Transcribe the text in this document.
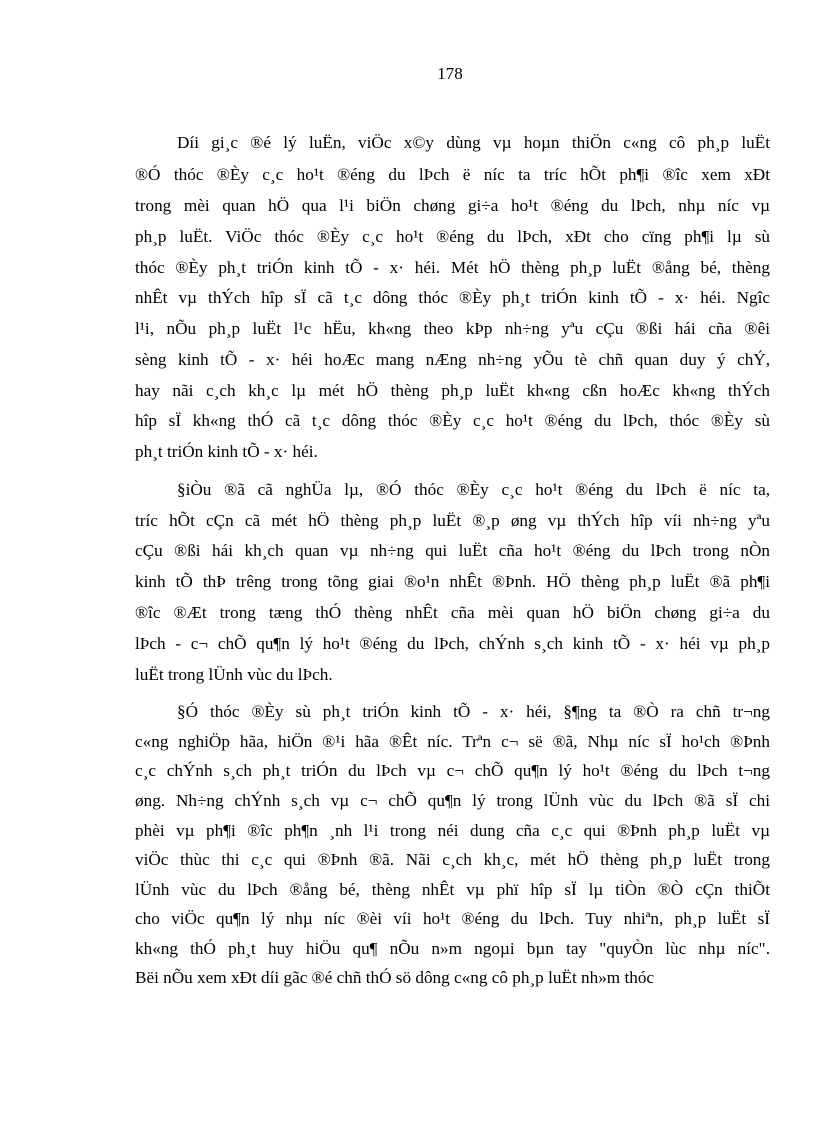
178
Díi gi¸c ®é lý luËn, viÖc x©y dùng vµ hoµn thiÖn c«ng cô ph¸p luËt
®Ó thóc ®Èy c¸c ho¹t ®éng du lÞch ë níc ta tríc hÕt ph¶i ®îc xem xÐt
trong mèi quan hÖ qua l¹i biÖn chøng gi÷a ho¹t ®éng du lÞch, nhµ níc vµ
ph¸p luËt. ViÖc thóc ®Èy c¸c ho¹t ®éng du lÞch, xÐt cho cïng ph¶i lµ sù
thóc ®Èy ph¸t triÓn kinh tÕ - x· héi. Mét hÖ thèng ph¸p luËt ®ång bé, thèng
nhÊt vµ thÝch hîp sÏ cã t¸c dông thóc ®Èy ph¸t triÓn kinh tÕ - x· héi. Ngîc
l¹i, nÕu ph¸p luËt l¹c hËu, kh«ng theo kÞp nh÷ng yªu cÇu ®ßi hái cña ®êi
sèng kinh tÕ - x· héi hoÆc mang nÆng nh÷ng yÕu tè chñ quan duy ý chÝ,
hay nãi c¸ch kh¸c lµ mét hÖ thèng ph¸p luËt kh«ng cßn hoÆc kh«ng thÝch
hîp sÏ kh«ng thÓ cã t¸c dông thóc ®Èy c¸c ho¹t ®éng du lÞch, thóc ®Èy sù
ph¸t triÓn kinh tÕ - x· héi.
§iÒu ®ã cã nghÜa lµ, ®Ó thóc ®Èy c¸c ho¹t ®éng du lÞch ë níc ta,
tríc hÕt cÇn cã mét hÖ thèng ph¸p luËt ®¸p øng vµ thÝch hîp víi nh÷ng yªu
cÇu ®ßi hái kh¸ch quan vµ nh÷ng qui luËt cña ho¹t ®éng du lÞch trong nÒn
kinh tÕ thÞ trêng trong tõng giai ®o¹n nhÊt ®Þnh. HÖ thèng ph¸p luËt ®ã ph¶i
®îc ®Æt trong tæng thÓ thèng nhÊt cña mèi quan hÖ biÖn chøng gi÷a du
lÞch - c¬ chÕ qu¶n lý ho¹t ®éng du lÞch, chÝnh s¸ch kinh tÕ - x· héi vµ ph¸p
luËt trong lÜnh vùc du lÞch.
§Ó thóc ®Èy sù ph¸t triÓn kinh tÕ - x· héi, §¶ng ta ®Ò ra chñ tr¬ng
c«ng nghiÖp hãa, hiÖn ®¹i hãa ®Êt níc. Trªn c¬ së ®ã, Nhµ níc sÏ ho¹ch ®Þnh
c¸c chÝnh s¸ch ph¸t triÓn du lÞch vµ c¬ chÕ qu¶n lý ho¹t ®éng du lÞch t¬ng
øng. Nh÷ng chÝnh s¸ch vµ c¬ chÕ qu¶n lý trong lÜnh vùc du lÞch ®ã sÏ chi
phèi vµ ph¶i ®îc ph¶n ¸nh l¹i trong néi dung cña c¸c qui ®Þnh ph¸p luËt vµ
viÖc thùc thi c¸c qui ®Þnh ®ã. Nãi c¸ch kh¸c, mét hÖ thèng ph¸p luËt trong
lÜnh vùc du lÞch ®ång bé, thèng nhÊt vµ phï hîp sÏ lµ tiÒn ®Ò cÇn thiÕt
cho viÖc qu¶n lý nhµ níc ®èi víi ho¹t ®éng du lÞch. Tuy nhiªn, ph¸p luËt sÏ
kh«ng thÓ ph¸t huy hiÖu qu¶ nÕu n»m ngoµi bµn tay "quyÒn lùc nhµ níc".
Bëi nÕu xem xÐt díi gãc ®é chñ thÓ sö dông c«ng cô ph¸p luËt nh»m thóc
